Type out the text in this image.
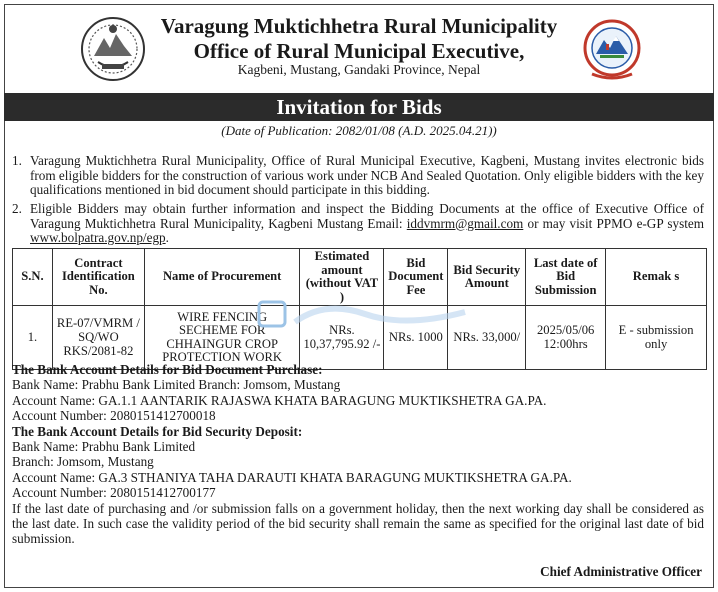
Varagung Muktichhetra Rural Municipality
Office of Rural Municipal Executive,
Kagbeni, Mustang, Gandaki Province, Nepal
Invitation for Bids
(Date of Publication: 2082/01/08 (A.D. 2025.04.21))
1. Varagung Muktichhetra Rural Municipality, Office of Rural Municipal Executive, Kagbeni, Mustang invites electronic bids from eligible bidders for the construction of various work under NCB And Sealed Quotation. Only eligible bidders with the key qualifications mentioned in bid document should participate in this bidding.
2. Eligible Bidders may obtain further information and inspect the Bidding Documents at the office of Executive Office of Varagung Muktichhetra Rural Municipality, Kagbeni Mustang Email: iddvmrm@gmail.com or may visit PPMO e-GP system www.bolpatra.gov.np/egp.
S.N.	Contract Identification No.	Name of Procurement	Estimated amount (without VAT )	Bid Document Fee	Bid Security Amount	Last date of Bid Submission	Remak s
1.	RE-07/VMRM / SQ/WO RKS/2081-82	WIRE FENCING SECHEME FOR CHHAINGUR CROP PROTECTION WORK	NRs. 10,37,795.92 /-	NRs. 1000	NRs. 33,000/	2025/05/06 12:00hrs	E - submission only
The Bank Account Details for Bid Document Purchase:
Bank Name: Prabhu Bank Limited Branch: Jomsom, Mustang
Account Name: GA.1.1 AANTARIK RAJASWA KHATA BARAGUNG MUKTIKSHETRA GA.PA.
Account Number: 2080151412700018
The Bank Account Details for Bid Security Deposit:
Bank Name: Prabhu Bank Limited
Branch: Jomsom, Mustang
Account Name: GA.3 STHANIYA TAHA DARAUTI KHATA BARAGUNG MUKTIKSHETRA GA.PA.
Account Number: 2080151412700177
If the last date of purchasing and /or submission falls on a government holiday, then the next working day shall be considered as the last date. In such case the validity period of the bid security shall remain the same as specified for the original last date of bid submission.
Chief Administrative Officer
